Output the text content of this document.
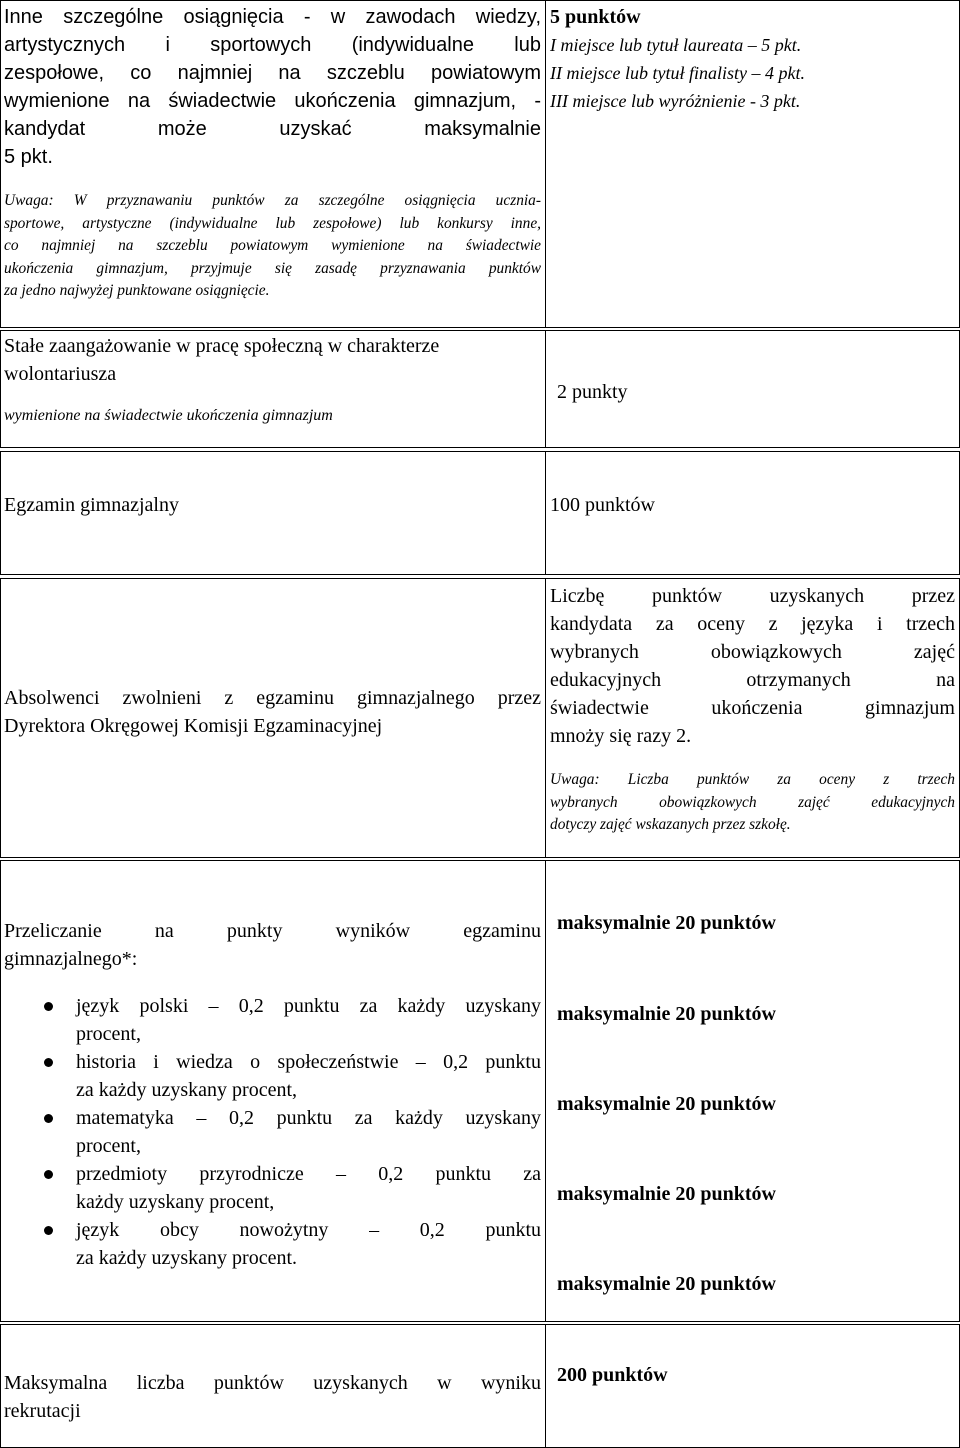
Inne szczególne osiągnięcia - w zawodach wiedzy,
artystycznych i sportowych (indywidualne lub
zespołowe, co najmniej na szczeblu powiatowym
wymienione na świadectwie ukończenia gimnazjum, -
kandydat może uzyskać maksymalnie
5 pkt.
5 punktów
I miejsce lub tytuł laureata – 5 pkt.
II miejsce lub tytuł finalisty – 4 pkt.
III miejsce lub wyróżnienie - 3 pkt.
Uwaga: W przyznawaniu punktów za szczególne osiągnięcia ucznia-
sportowe, artystyczne (indywidualne lub zespołowe) lub konkursy inne,
co najmniej na szczeblu powiatowym wymienione na świadectwie
ukończenia gimnazjum, przyjmuje się zasadę przyznawania punktów
za jedno najwyżej punktowane osiągnięcie.
Stałe zaangażowanie w pracę społeczną w charakterze
wolontariusza
wymienione na świadectwie ukończenia gimnazjum
2 punkty
Egzamin gimnazjalny	100 punktów
Absolwenci zwolnieni z egzaminu gimnazjalnego przez
Dyrektora Okręgowej Komisji Egzaminacyjnej
Liczbę punktów uzyskanych przez
kandydata za oceny z języka i trzech
wybranych obowiązkowych zajęć
edukacyjnych otrzymanych na
świadectwie ukończenia gimnazjum
mnoży się razy 2.
Uwaga: Liczba punktów za oceny z trzech
wybranych obowiązkowych zajęć edukacyjnych
dotyczy zajęć wskazanych przez szkołę.
Przeliczanie na punkty wyników egzaminu
gimnazjalnego*:
język polski – 0,2 punktu za każdy uzyskany
procent,
historia i wiedza o społeczeństwie – 0,2 punktu
za każdy uzyskany procent,
matematyka – 0,2 punktu za każdy uzyskany
procent,
przedmioty przyrodnicze – 0,2 punktu za
każdy uzyskany procent,
język obcy nowożytny – 0,2 punktu
za każdy uzyskany procent.
maksymalnie 20 punktów
maksymalnie 20 punktów
maksymalnie 20 punktów
maksymalnie 20 punktów
maksymalnie 20 punktów
Maksymalna liczba punktów uzyskanych w wyniku
rekrutacji
200 punktów
